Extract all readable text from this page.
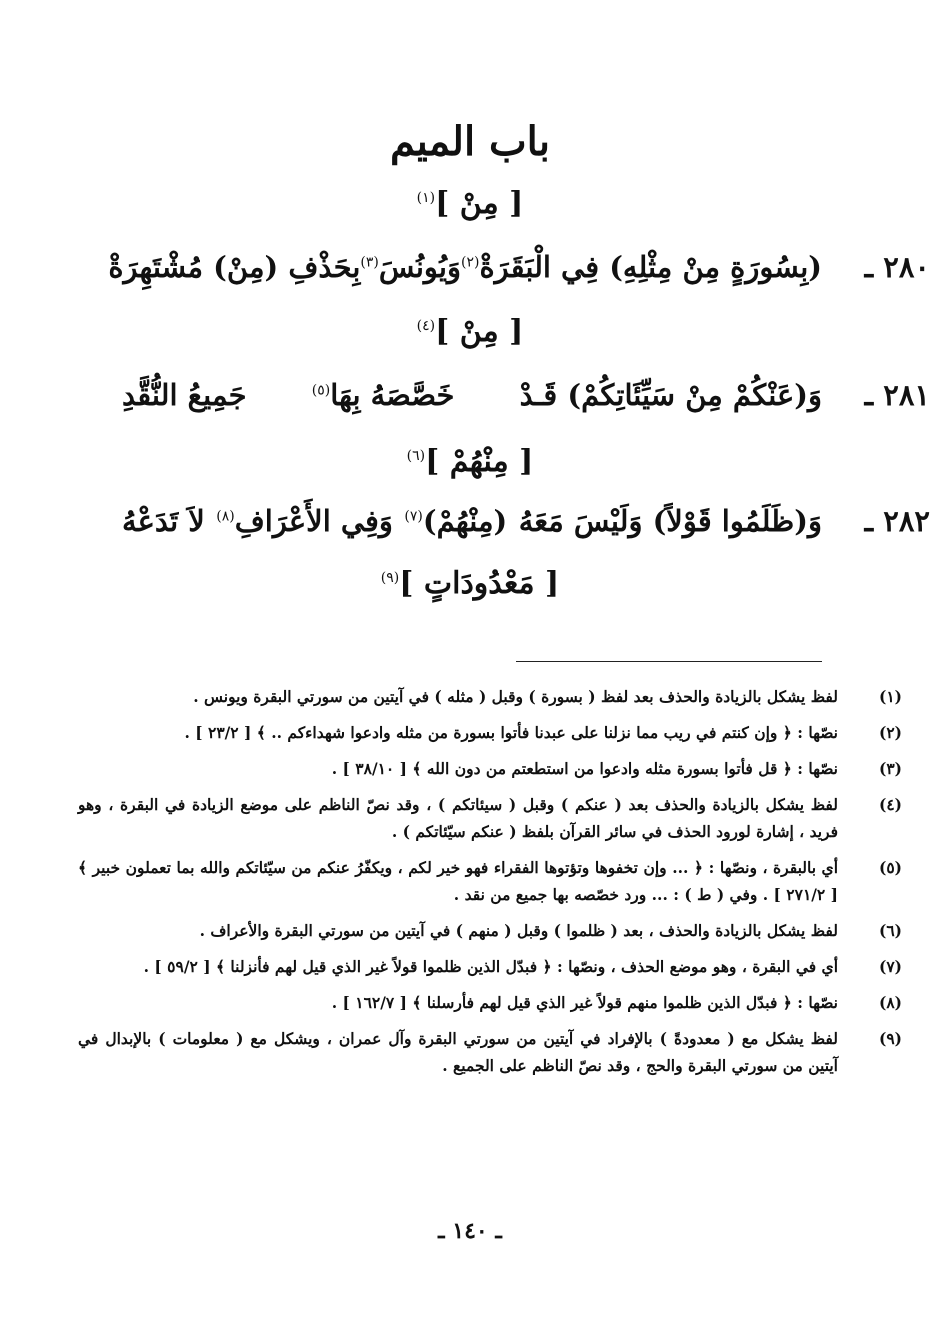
باب الميم
[ مِنْ ]$^{(١)}$
٢٨٠ ـ
(بِسُورَةٍ مِنْ مِثْلِهِ) فِي الْبَقَرَةْ$^{(٢)}$
وَيُونُسَ$^{(٣)}$
بِحَذْفِ (مِنْ) مُشْتَهِرَةْ
[ مِنْ ]$^{(٤)}$
٢٨١ ـ
وَ(عَنْكُمْ مِنْ سَيِّئَاتِكُمْ) قَـدْ
خَصَّصَهُ بِهَا$^{(٥)}$
جَمِيعُ النُّقَّدِ
[ مِنْهُمْ ]$^{(٦)}$
٢٨٢ ـ
وَ(ظَلَمُوا قَوْلاً) وَلَيْسَ مَعَهُ
(مِنْهُمْ)$^{(٧)}$
وَفِي الأَعْرَافِ$^{(٨)}$
لاَ تَدَعْهُ
[ مَعْدُودَاتٍ ]$^{(٩)}$
(١)
لفظ يشكل بالزيادة والحذف بعد لفظ ( بسورة ) وقبل ( مثله ) في آيتين من سورتي البقرة ويونس .
(٢)
نصّها : ﴿ وإن كنتم في ريب مما نزلنا على عبدنا فأتوا بسورة من مثله وادعوا شهداءكم .. ﴾ [ ٢٣/٢ ] .
(٣)
نصّها : ﴿ قل فأتوا بسورة مثله وادعوا من استطعتم من دون الله ﴾ [ ٣٨/١٠ ] .
(٤)
لفظ يشكل بالزيادة والحذف بعد ( عنكم ) وقبل ( سيئاتكم ) ، وقد نصّ الناظم على موضع الزيادة في البقرة ، وهو فريد ، إشارة لورود الحذف في سائر القرآن بلفظ ( عنكم سيّئاتكم ) .
(٥)
أي بالبقرة ، ونصّها : ﴿ ... وإن تخفوها وتؤتوها الفقراء فهو خير لكم ، ويكفّرُ عنكم من سيّئاتكم والله بما تعملون خبير ﴾ [ ٢٧١/٢ ] . وفي ( ط ) : ... ورد خصّصه بها جميع من نقد .
(٦)
لفظ يشكل بالزيادة والحذف ، بعد ( ظلموا ) وقبل ( منهم ) في آيتين من سورتي البقرة والأعراف .
(٧)
أي في البقرة ، وهو موضع الحذف ، ونصّها : ﴿ فبدّل الذين ظلموا قولاً غير الذي قيل لهم فأنزلنا ﴾ [ ٥٩/٢ ] .
(٨)
نصّها : ﴿ فبدّل الذين ظلموا منهم قولاً غير الذي قيل لهم فأرسلنا ﴾ [ ١٦٢/٧ ] .
(٩)
لفظ يشكل مع ( معدودةً ) بالإفراد في آيتين من سورتي البقرة وآل عمران ، ويشكل مع ( معلومات ) بالإبدال في آيتين من سورتي البقرة والحج ، وقد نصّ الناظم على الجميع .
ـ ١٤٠ ـ
